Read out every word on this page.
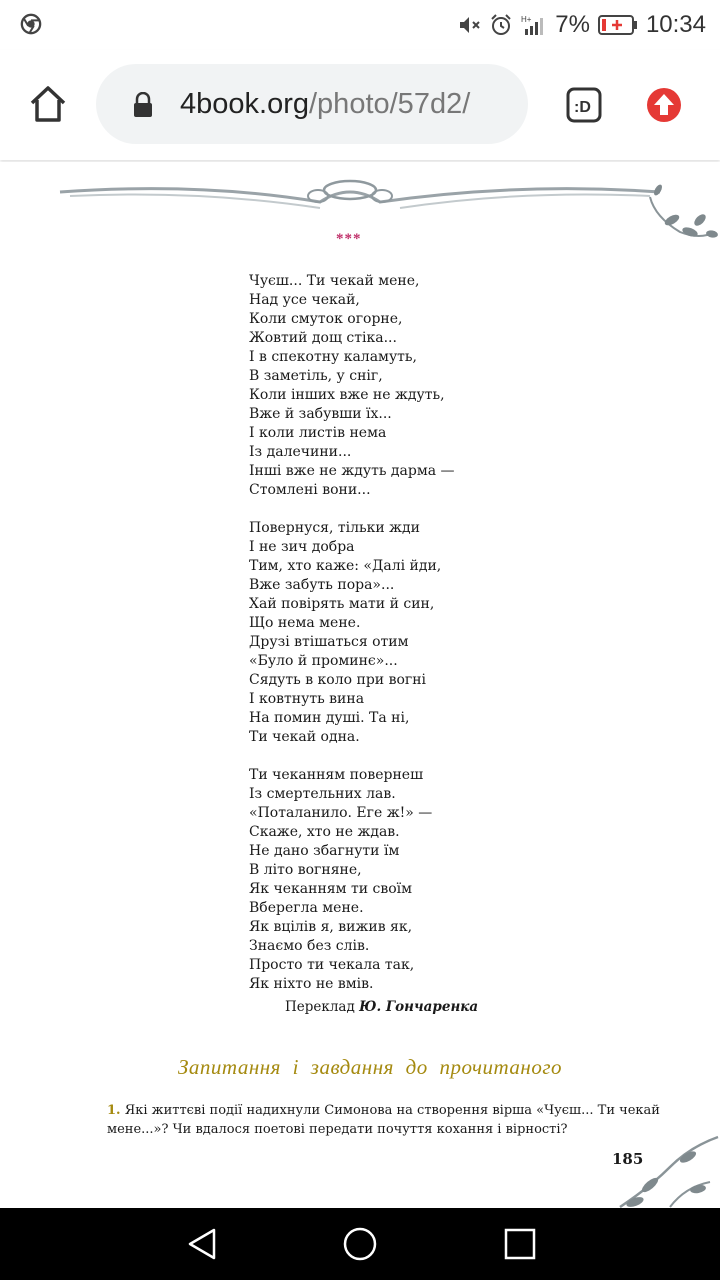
H+ 7% 10:34
4book.org/photo/57d2/	:D
***
Чуєш... Ти чекай мене,
Над усе чекай,
Коли смуток огорне,
Жовтий дощ стіка...
І в спекотну каламуть,
В заметіль, у сніг,
Коли інших вже не ждуть,
Вже й забувши їх...
І коли листів нема
Із далечини...
Інші вже не ждуть дарма —
Стомлені вони...
Повернуся, тільки жди
І не зич добра
Тим, хто каже: «Далі йди,
Вже забуть пора»...
Хай повірять мати й син,
Що нема мене.
Друзі втішаться отим
«Було й проминє»...
Сядуть в коло при вогні
І ковтнуть вина
На помин душі. Та ні,
Ти чекай одна.
Ти чеканням повернеш
Із смертельних лав.
«Поталанило. Еге ж!» —
Скаже, хто не ждав.
Не дано збагнути їм
В літо вогняне,
Як чеканням ти своїм
Вберегла мене.
Як вцілів я, вижив як,
Знаємо без слів.
Просто ти чекала так,
Як ніхто не вмів.
Переклад Ю. Гончаренка
Запитання і завдання до прочитаного
1. Які життєві події надихнули Симонова на створення вірша «Чуєш... Ти чекай мене...»? Чи вдалося поетові передати почуття кохання і вірності?
185
